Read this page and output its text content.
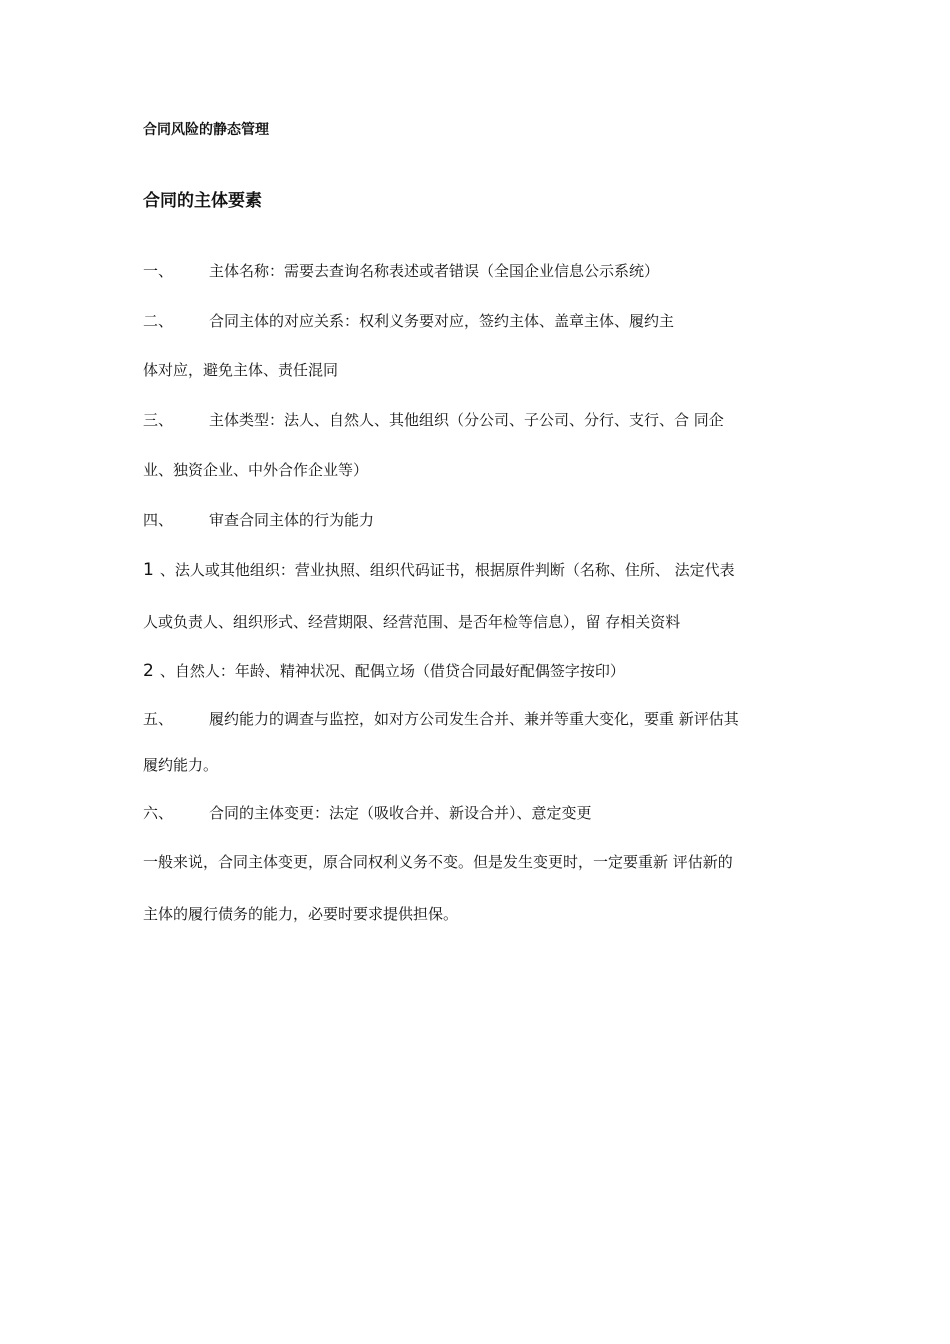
合同风险的静态管理
合同的主体要素
一、 主体名称：需要去查询名称表述或者错误（全国企业信息公示系统）
二、 合同主体的对应关系：权利义务要对应，签约主体、盖章主体、履约主
体对应，避免主体、责任混同
三、 主体类型：法人、自然人、其他组织（分公司、子公司、分行、支行、合 同企
业、独资企业、中外合作企业等）
四、 审查合同主体的行为能力
1 、法人或其他组织：营业执照、组织代码证书，根据原件判断（名称、住所、 法定代表
人或负责人、组织形式、经营期限、经营范围、是否年检等信息），留 存相关资料
2 、自然人：年龄、精神状况、配偶立场（借贷合同最好配偶签字按印）
五、 履约能力的调查与监控，如对方公司发生合并、兼并等重大变化，要重 新评估其
履约能力。
六、 合同的主体变更：法定（吸收合并、新设合并）、意定变更
一般来说，合同主体变更，原合同权利义务不变。但是发生变更时，一定要重新 评估新的
主体的履行债务的能力，必要时要求提供担保。
